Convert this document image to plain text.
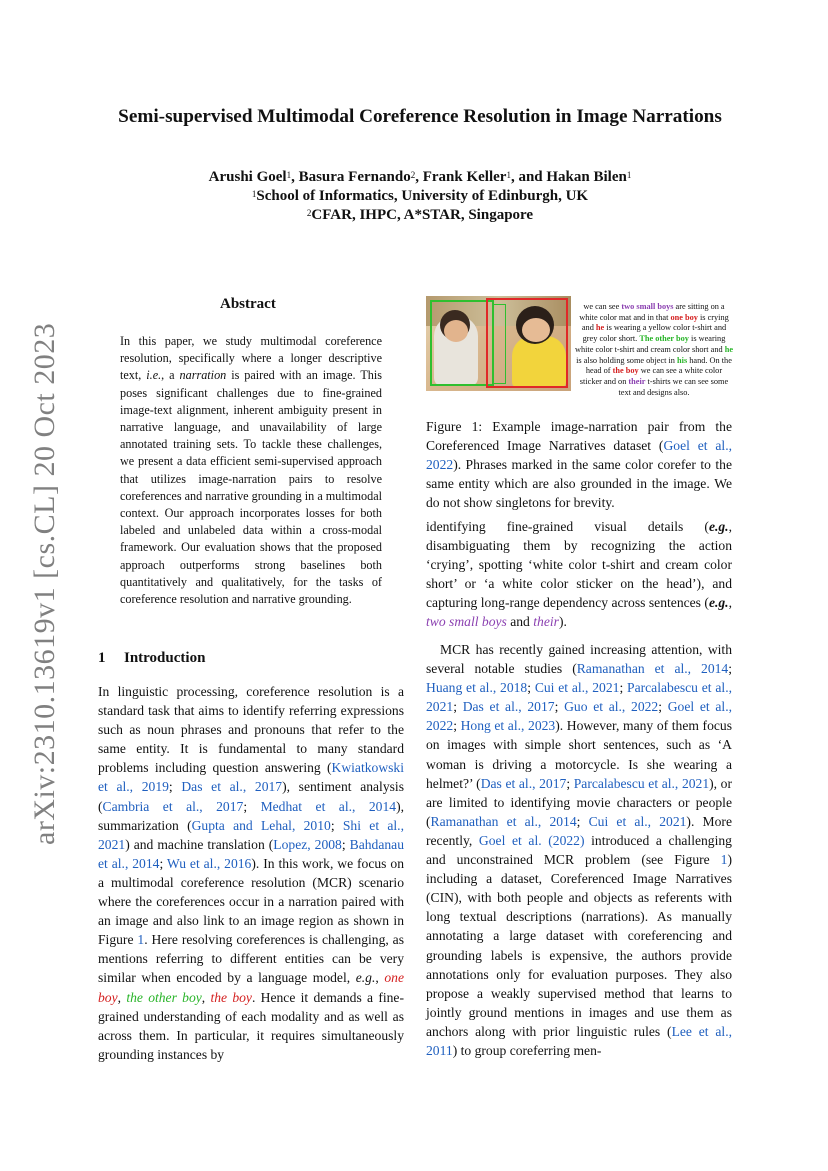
arXiv:2310.13619v1 [cs.CL] 20 Oct 2023
Semi-supervised Multimodal Coreference Resolution in Image Narrations
Arushi Goel$^1$, Basura Fernando$^2$, Frank Keller$^1$, and Hakan Bilen$^1$
$^1$School of Informatics, University of Edinburgh, UK
$^2$CFAR, IHPC, A*STAR, Singapore
Abstract
In this paper, we study multimodal coreference resolution, specifically where a longer descriptive text, i.e., a narration is paired with an image. This poses significant challenges due to fine-grained image-text alignment, inherent ambiguity present in narrative language, and unavailability of large annotated training sets. To tackle these challenges, we present a data efficient semi-supervised approach that utilizes image-narration pairs to resolve coreferences and narrative grounding in a multimodal context. Our approach incorporates losses for both labeled and unlabeled data within a cross-modal framework. Our evaluation shows that the proposed approach outperforms strong baselines both quantitatively and qualitatively, for the tasks of coreference resolution and narrative grounding.
we can see two small boys are sitting on a white color mat and in that one boy is crying and he is wearing a yellow color t-shirt and grey color short. The other boy is wearing white color t-shirt and cream color short and he is also holding some object in his hand. On the head of the boy we can see a white color sticker and on their t-shirts we can see some text and designs also.
Figure 1: Example image-narration pair from the Coreferenced Image Narratives dataset (Goel et al., 2022). Phrases marked in the same color corefer to the same entity which are also grounded in the image. We do not show singletons for brevity.
1 Introduction

In linguistic processing, coreference resolution is a standard task that aims to identify referring expressions such as noun phrases and pronouns that refer to the same entity. It is fundamental to many standard problems including question answering (Kwiatkowski et al., 2019; Das et al., 2017), sentiment analysis (Cambria et al., 2017; Medhat et al., 2014), summarization (Gupta and Lehal, 2010; Shi et al., 2021) and machine translation (Lopez, 2008; Bahdanau et al., 2014; Wu et al., 2016). In this work, we focus on a multimodal coreference resolution (MCR) scenario where the coreferences occur in a narration paired with an image and also link to an image region as shown in Figure 1. Here resolving coreferences is challenging, as mentions referring to different entities can be very similar when encoded by a language model, e.g., one boy, the other boy, the boy. Hence it demands a fine-grained understanding of each modality and as well as across them. In particular, it requires simultaneously grounding instances by

identifying fine-grained visual details (e.g., disambiguating them by recognizing the action ‘crying’, spotting ‘white color t-shirt and cream color short’ or ‘a white color sticker on the head’), and capturing long-range dependency across sentences (e.g., two small boys and their).

MCR has recently gained increasing attention, with several notable studies (Ramanathan et al., 2014; Huang et al., 2018; Cui et al., 2021; Parcalabescu et al., 2021; Das et al., 2017; Guo et al., 2022; Goel et al., 2022; Hong et al., 2023). However, many of them focus on images with simple short sentences, such as ‘A woman is driving a motorcycle. Is she wearing a helmet?’ (Das et al., 2017; Parcalabescu et al., 2021), or are limited to identifying movie characters or people (Ramanathan et al., 2014; Cui et al., 2021). More recently, Goel et al. (2022) introduced a challenging and unconstrained MCR problem (see Figure 1) including a dataset, Coreferenced Image Narratives (CIN), with both people and objects as referents with long textual descriptions (narrations). As manually annotating a large dataset with coreferencing and grounding labels is expensive, the authors provide annotations only for evaluation purposes. They also propose a weakly supervised method that learns to jointly ground mentions in images and use them as anchors along with prior linguistic rules (Lee et al., 2011) to group coreferring men-
